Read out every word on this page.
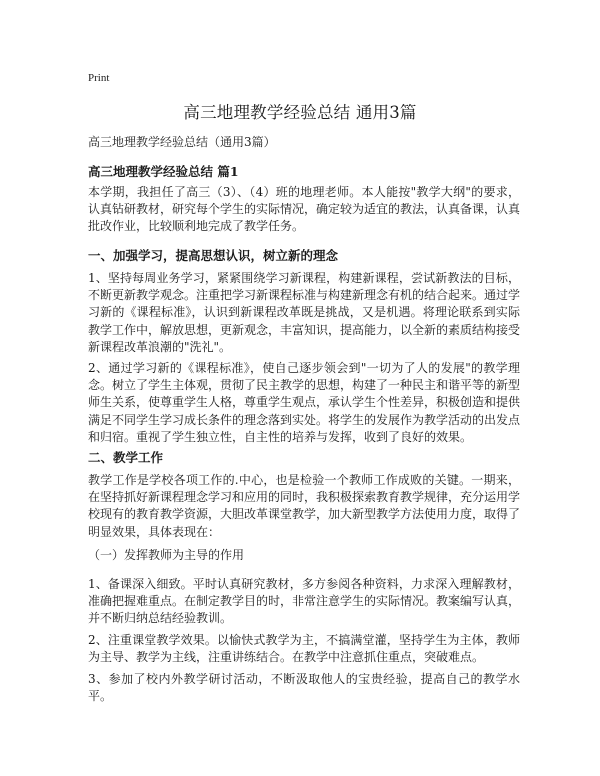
Print
高三地理教学经验总结 通用3篇

高三地理教学经验总结（通用3篇）

高三地理教学经验总结 篇1

本学期，我担任了高三（3）、（4）班的地理老师。本人能按"教学大纲"的要求，认真钻研教材，研究每个学生的实际情况，确定较为适宜的教法，认真备课，认真批改作业，比较顺利地完成了教学任务。

一、加强学习，提高思想认识，树立新的理念

1、坚持每周业务学习，紧紧围绕学习新课程，构建新课程，尝试新教法的目标，不断更新教学观念。注重把学习新课程标准与构建新理念有机的结合起来。通过学习新的《课程标准》，认识到新课程改革既是挑战，又是机遇。将理论联系到实际教学工作中，解放思想，更新观念，丰富知识，提高能力，以全新的素质结构接受新课程改革浪潮的"洗礼"。

2、通过学习新的《课程标准》，使自己逐步领会到"一切为了人的发展"的教学理念。树立了学生主体观，贯彻了民主教学的思想，构建了一种民主和谐平等的新型师生关系，使尊重学生人格，尊重学生观点，承认学生个性差异，积极创造和提供满足不同学生学习成长条件的理念落到实处。将学生的发展作为教学活动的出发点和归宿。重视了学生独立性，自主性的培养与发挥，收到了良好的效果。

二、教学工作

教学工作是学校各项工作的.中心，也是检验一个教师工作成败的关键。一期来，在坚持抓好新课程理念学习和应用的同时，我积极探索教育教学规律，充分运用学校现有的教育教学资源，大胆改革课堂教学，加大新型教学方法使用力度，取得了明显效果，具体表现在：

（一）发挥教师为主导的作用

1、备课深入细致。平时认真研究教材，多方参阅各种资料，力求深入理解教材，准确把握难重点。在制定教学目的时，非常注意学生的实际情况。教案编写认真，并不断归纳总结经验教训。

2、注重课堂教学效果。以愉快式教学为主，不搞满堂灌，坚持学生为主体，教师为主导、教学为主线，注重讲练结合。在教学中注意抓住重点，突破难点。

3、参加了校内外教学研讨活动，不断汲取他人的宝贵经验，提高自己的教学水平。
